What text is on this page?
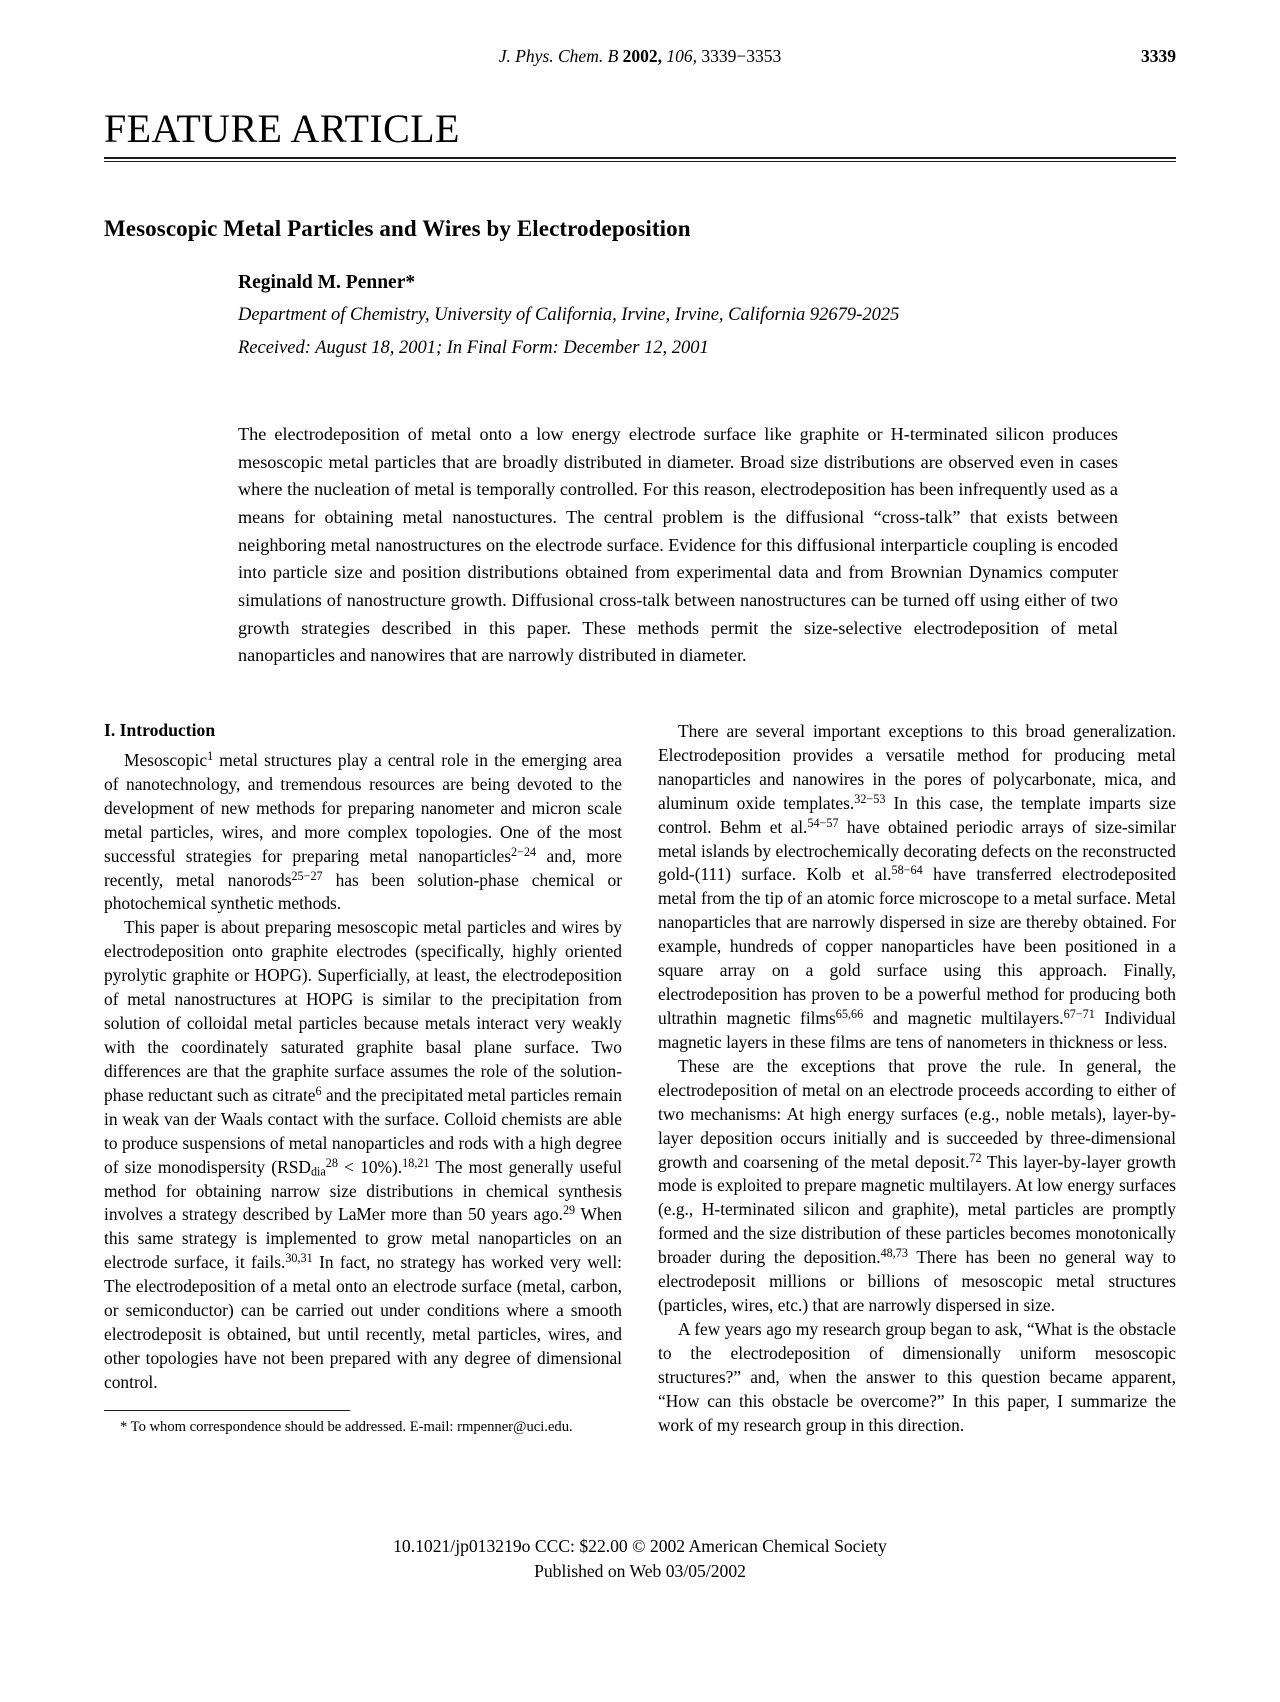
J. Phys. Chem. B 2002, 106, 3339−3353	3339
FEATURE ARTICLE
Mesoscopic Metal Particles and Wires by Electrodeposition
Reginald M. Penner*
Department of Chemistry, University of California, Irvine, Irvine, California 92679-2025
Received: August 18, 2001; In Final Form: December 12, 2001
The electrodeposition of metal onto a low energy electrode surface like graphite or H-terminated silicon produces mesoscopic metal particles that are broadly distributed in diameter. Broad size distributions are observed even in cases where the nucleation of metal is temporally controlled. For this reason, electrodeposition has been infrequently used as a means for obtaining metal nanostuctures. The central problem is the diffusional “cross-talk” that exists between neighboring metal nanostructures on the electrode surface. Evidence for this diffusional interparticle coupling is encoded into particle size and position distributions obtained from experimental data and from Brownian Dynamics computer simulations of nanostructure growth. Diffusional cross-talk between nanostructures can be turned off using either of two growth strategies described in this paper. These methods permit the size-selective electrodeposition of metal nanoparticles and nanowires that are narrowly distributed in diameter.
I. Introduction

Mesoscopic$^1$ metal structures play a central role in the emerging area of nanotechnology, and tremendous resources are being devoted to the development of new methods for preparing nanometer and micron scale metal particles, wires, and more complex topologies. One of the most successful strategies for preparing metal nanoparticles$^{2-24}$ and, more recently, metal nanorods$^{25-27}$ has been solution-phase chemical or photochemical synthetic methods.

This paper is about preparing mesoscopic metal particles and wires by electrodeposition onto graphite electrodes (specifically, highly oriented pyrolytic graphite or HOPG). Superficially, at least, the electrodeposition of metal nanostructures at HOPG is similar to the precipitation from solution of colloidal metal particles because metals interact very weakly with the coordinately saturated graphite basal plane surface. Two differences are that the graphite surface assumes the role of the solution-phase reductant such as citrate$^6$ and the precipitated metal particles remain in weak van der Waals contact with the surface. Colloid chemists are able to produce suspensions of metal nanoparticles and rods with a high degree of size monodispersity $(RSD_{dia}^{28} < 10\%).^{18,21}$ The most generally useful method for obtaining narrow size distributions in chemical synthesis involves a strategy described by LaMer more than 50 years ago.$^{29}$ When this same strategy is implemented to grow metal nanoparticles on an electrode surface, it fails.$^{30,31}$ In fact, no strategy has worked very well: The electrodeposition of a metal onto an electrode surface (metal, carbon, or semiconductor) can be carried out under conditions where a smooth electrodeposit is obtained, but until recently, metal particles, wires, and other topologies have not been prepared with any degree of dimensional control.

* To whom correspondence should be addressed. E-mail: rmpenner@uci.edu.

There are several important exceptions to this broad generalization. Electrodeposition provides a versatile method for producing metal nanoparticles and nanowires in the pores of polycarbonate, mica, and aluminum oxide templates.$^{32-53}$ In this case, the template imparts size control. Behm et al.$^{54-57}$ have obtained periodic arrays of size-similar metal islands by electrochemically decorating defects on the reconstructed gold-(111) surface. Kolb et al.$^{58-64}$ have transferred electrodeposited metal from the tip of an atomic force microscope to a metal surface. Metal nanoparticles that are narrowly dispersed in size are thereby obtained. For example, hundreds of copper nanoparticles have been positioned in a square array on a gold surface using this approach. Finally, electrodeposition has proven to be a powerful method for producing both ultrathin magnetic films$^{65,66}$ and magnetic multilayers.$^{67-71}$ Individual magnetic layers in these films are tens of nanometers in thickness or less.

These are the exceptions that prove the rule. In general, the electrodeposition of metal on an electrode proceeds according to either of two mechanisms: At high energy surfaces (e.g., noble metals), layer-by-layer deposition occurs initially and is succeeded by three-dimensional growth and coarsening of the metal deposit.$^{72}$ This layer-by-layer growth mode is exploited to prepare magnetic multilayers. At low energy surfaces (e.g., H-terminated silicon and graphite), metal particles are promptly formed and the size distribution of these particles becomes monotonically broader during the deposition.$^{48,73}$ There has been no general way to electrodeposit millions or billions of mesoscopic metal structures (particles, wires, etc.) that are narrowly dispersed in size.

A few years ago my research group began to ask, “What is the obstacle to the electrodeposition of dimensionally uniform mesoscopic structures?” and, when the answer to this question became apparent, “How can this obstacle be overcome?” In this paper, I summarize the work of my research group in this direction.

10.1021/jp013219o CCC: $22.00 © 2002 American Chemical Society
Published on Web 03/05/2002
